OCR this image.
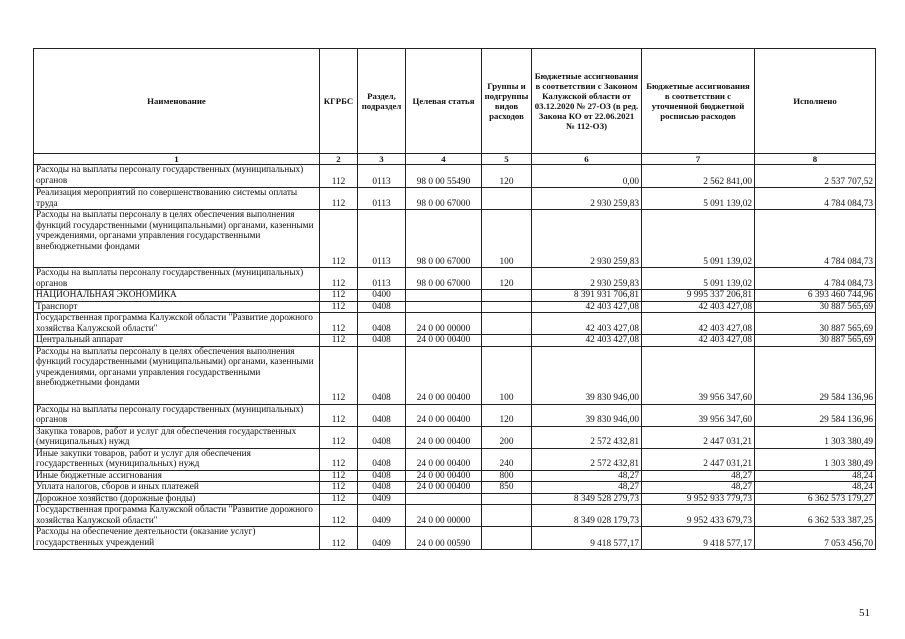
Наименование	КГРБС	Раздел, подраздел	Целевая статья	Группы и подгруппы видов расходов	Бюджетные ассигнования в соответствии с Законом Калужской области от 03.12.2020 № 27-ОЗ (в ред. Закона КО от 22.06.2021 № 112-ОЗ)	Бюджетные ассигнования в соответствии с уточненной бюджетной росписью расходов	Исполнено
1	2	3	4	5	6	7	8
Расходы на выплаты персоналу государственных (муниципальных) органов	112	0113	98 0 00 55490	120	0,00	2 562 841,00	2 537 707,52
Реализация мероприятий по совершенствованию системы оплаты труда	112	0113	98 0 00 67000		2 930 259,83	5 091 139,02	4 784 084,73
Расходы на выплаты персоналу в целях обеспечения выполнения функций государственными (муниципальными) органами, казенными учреждениями, органами управления государственными внебюджетными фондами	112	0113	98 0 00 67000	100	2 930 259,83	5 091 139,02	4 784 084,73
Расходы на выплаты персоналу государственных (муниципальных) органов	112	0113	98 0 00 67000	120	2 930 259,83	5 091 139,02	4 784 084,73
НАЦИОНАЛЬНАЯ ЭКОНОМИКА	112	0400			8 391 931 706,81	9 995 337 206,81	6 393 460 744,96
Транспорт	112	0408			42 403 427,08	42 403 427,08	30 887 565,69
Государственная программа Калужской области "Развитие дорожного хозяйства Калужской области"	112	0408	24 0 00 00000		42 403 427,08	42 403 427,08	30 887 565,69
Центральный аппарат	112	0408	24 0 00 00400		42 403 427,08	42 403 427,08	30 887 565,69
Расходы на выплаты персоналу в целях обеспечения выполнения функций государственными (муниципальными) органами, казенными учреждениями, органами управления государственными внебюджетными фондами	112	0408	24 0 00 00400	100	39 830 946,00	39 956 347,60	29 584 136,96
Расходы на выплаты персоналу государственных (муниципальных) органов	112	0408	24 0 00 00400	120	39 830 946,00	39 956 347,60	29 584 136,96
Закупка товаров, работ и услуг для обеспечения государственных (муниципальных) нужд	112	0408	24 0 00 00400	200	2 572 432,81	2 447 031,21	1 303 380,49
Иные закупки товаров, работ и услуг для обеспечения государственных (муниципальных) нужд	112	0408	24 0 00 00400	240	2 572 432,81	2 447 031,21	1 303 380,49
Иные бюджетные ассигнования	112	0408	24 0 00 00400	800	48,27	48,27	48,24
Уплата налогов, сборов и иных платежей	112	0408	24 0 00 00400	850	48,27	48,27	48,24
Дорожное хозяйство (дорожные фонды)	112	0409			8 349 528 279,73	9 952 933 779,73	6 362 573 179,27
Государственная программа Калужской области "Развитие дорожного хозяйства Калужской области"	112	0409	24 0 00 00000		8 349 028 179,73	9 952 433 679,73	6 362 533 387,25
Расходы на обеспечение деятельности (оказание услуг) государственных учреждений	112	0409	24 0 00 00590		9 418 577,17	9 418 577,17	7 053 456,70
51
